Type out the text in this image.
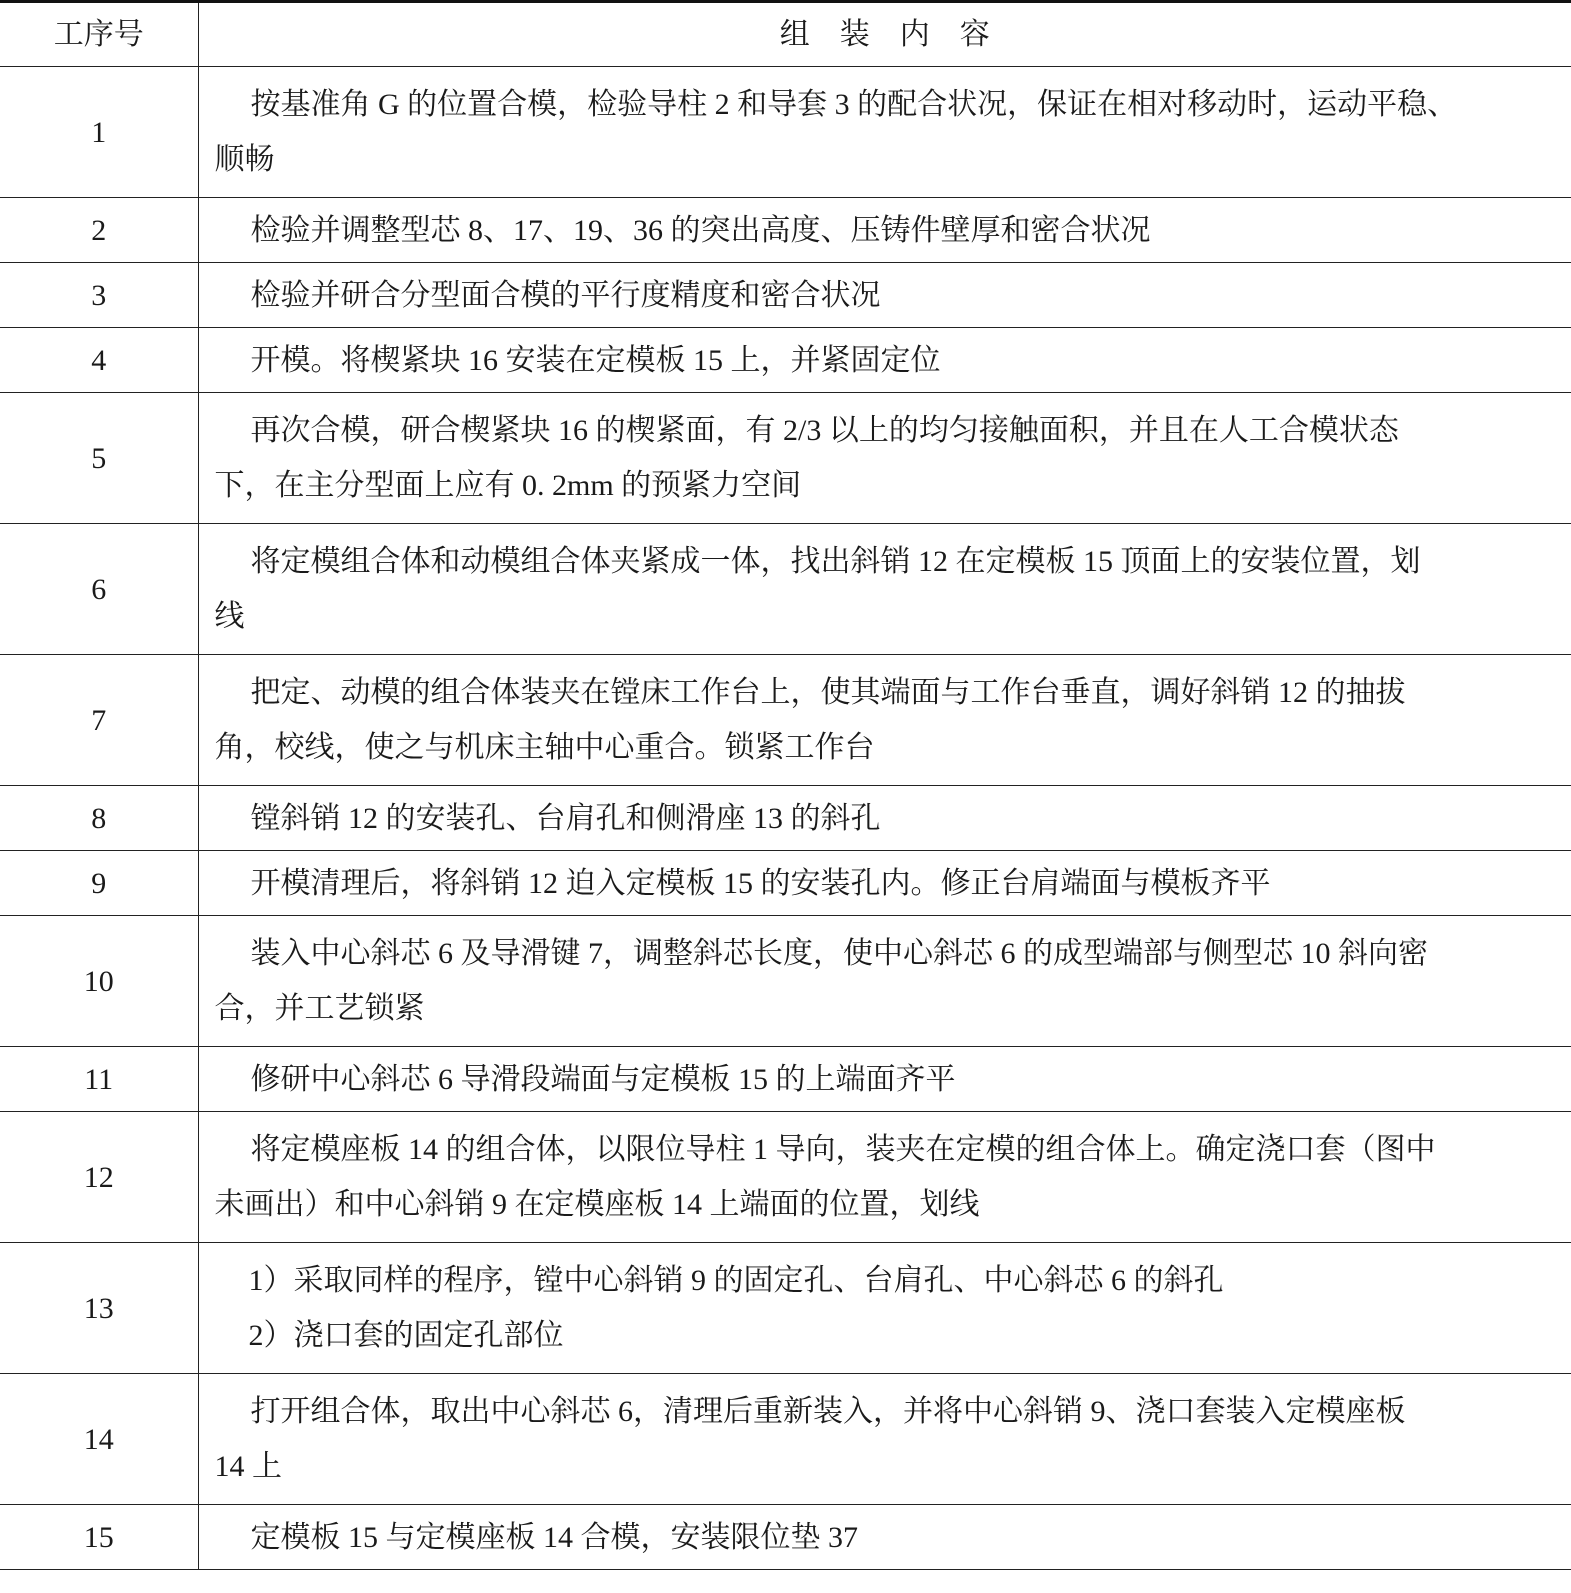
工序号	组装内容
1	按基准角 G 的位置合模，检验导柱 2 和导套 3 的配合状况，保证在相对移动时，运动平稳、

顺畅

2	检验并调整型芯 8、17、19、36 的突出高度、压铸件壁厚和密合状况

3	检验并研合分型面合模的平行度精度和密合状况

4	开模。将楔紧块 16 安装在定模板 15 上，并紧固定位

5	再次合模，研合楔紧块 16 的楔紧面，有 2/3 以上的均匀接触面积，并且在人工合模状态

下，在主分型面上应有 0. 2mm 的预紧力空间

6	将定模组合体和动模组合体夹紧成一体，找出斜销 12 在定模板 15 顶面上的安装位置，划

线

7	把定、动模的组合体装夹在镗床工作台上，使其端面与工作台垂直，调好斜销 12 的抽拔

角，校线，使之与机床主轴中心重合。锁紧工作台

8	镗斜销 12 的安装孔、台肩孔和侧滑座 13 的斜孔

9	开模清理后，将斜销 12 迫入定模板 15 的安装孔内。修正台肩端面与模板齐平

10	装入中心斜芯 6 及导滑键 7，调整斜芯长度，使中心斜芯 6 的成型端部与侧型芯 10 斜向密

合，并工艺锁紧

11	修研中心斜芯 6 导滑段端面与定模板 15 的上端面齐平

12	将定模座板 14 的组合体，以限位导柱 1 导向，装夹在定模的组合体上。确定浇口套（图中

未画出）和中心斜销 9 在定模座板 14 上端面的位置，划线

13	1）采取同样的程序，镗中心斜销 9 的固定孔、台肩孔、中心斜芯 6 的斜孔

2）浇口套的固定孔部位

14	打开组合体，取出中心斜芯 6，清理后重新装入，并将中心斜销 9、浇口套装入定模座板

14 上

15	定模板 15 与定模座板 14 合模，安装限位垫 37
